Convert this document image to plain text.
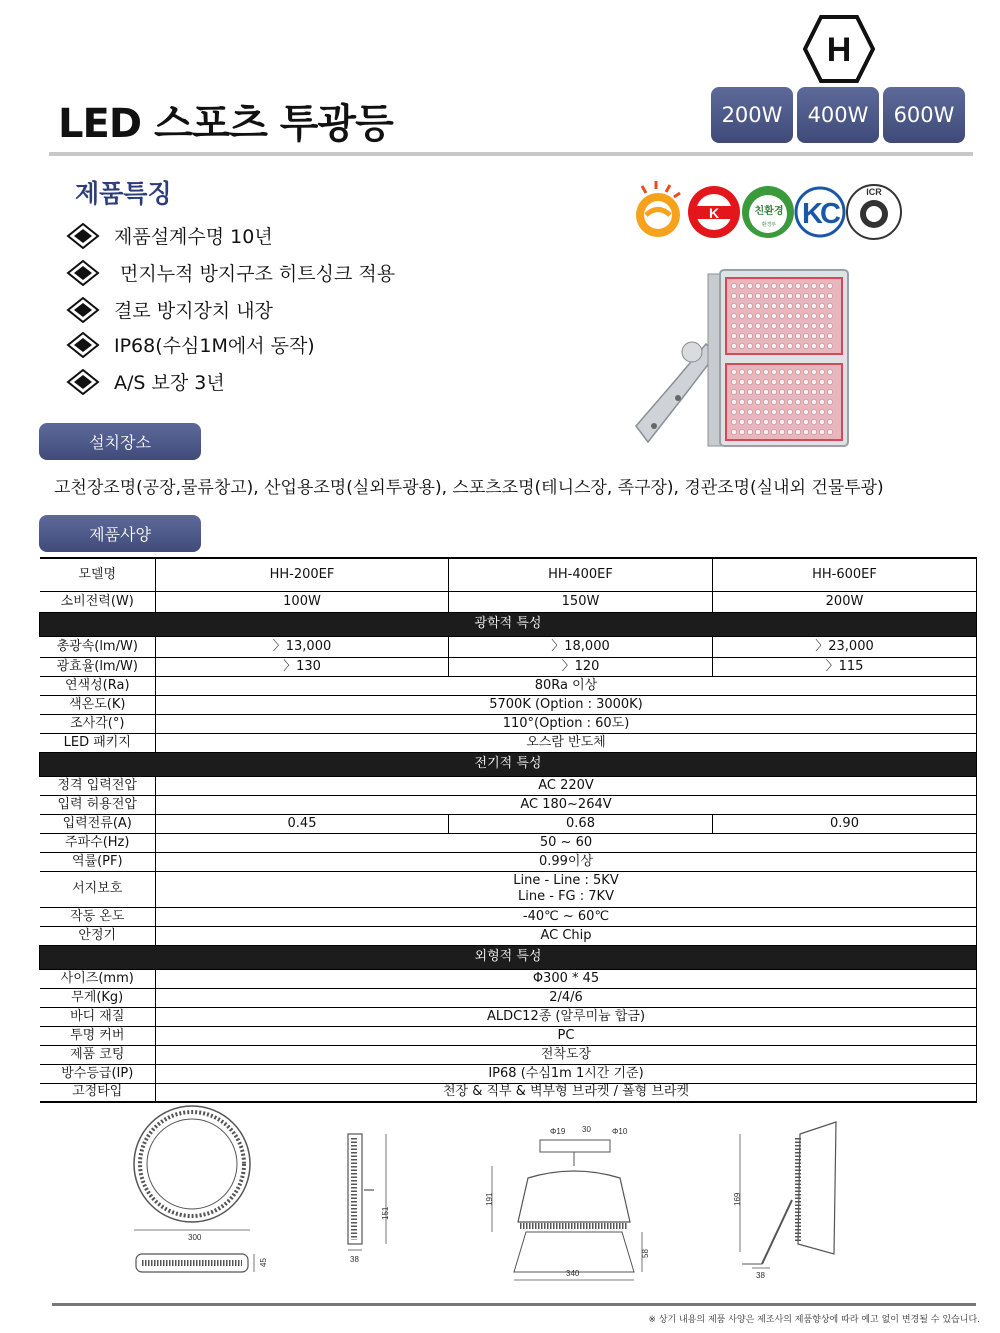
H
LED 스포츠 투광등	200W	400W	600W
제품특징
제품설계수명 10년
먼지누적 방지구조 히트싱크 적용
결로 방지장치 내장
IP68(수심1M에서 동작)
A/S 보장 3년
K	친환경
환경부 KC
ICR
설치장소
고천장조명(공장,물류창고), 산업용조명(실외투광용), 스포츠조명(테니스장, 족구장), 경관조명(실내외 건물투광)
제품사양
모델명	HH-200EF	HH-400EF	HH-600EF
소비전력(W)	100W	150W	200W
광학적 특성			
총광속(lm/W)	〉13,000	〉18,000	〉23,000
광효율(lm/W)	〉130	〉120	〉115
연색성(Ra)	80Ra 이상		
색온도(K)	5700K (Option : 3000K)		
조사각(°)	110°(Option : 60도)		
LED 패키지	오스람 반도체		
전기적 특성			
정격 입력전압	AC 220V		
입력 허용전압	AC 180~264V		
입력전류(A)	0.45	0.68	0.90
주파수(Hz)	50 ~ 60		
역률(PF)	0.99이상		
서지보호	Line - Line : 5KV
Line - FG : 7KV		

작동 온도	-40℃ ~ 60℃		
안정기	AC Chip		
외형적 특성			
사이즈(mm)	Φ300 * 45		
무게(Kg)	2/4/6		
바디 재질	ALDC12종 (알루미늄 합금)		
투명 커버	PC		
제품 코팅	전착도장		
방수등급(IP)	IP68 (수심1m 1시간 기준)		
고정타입	천장 & 직부 & 벽부형 브라켓 / 폴형 브라켓		
300
45
151
38
Φ19 30	Φ10
191
340
58
169
38
※ 상기 내용의 제품 사양은 제조사의 제품향상에 따라 예고 없이 변경될 수 있습니다.
